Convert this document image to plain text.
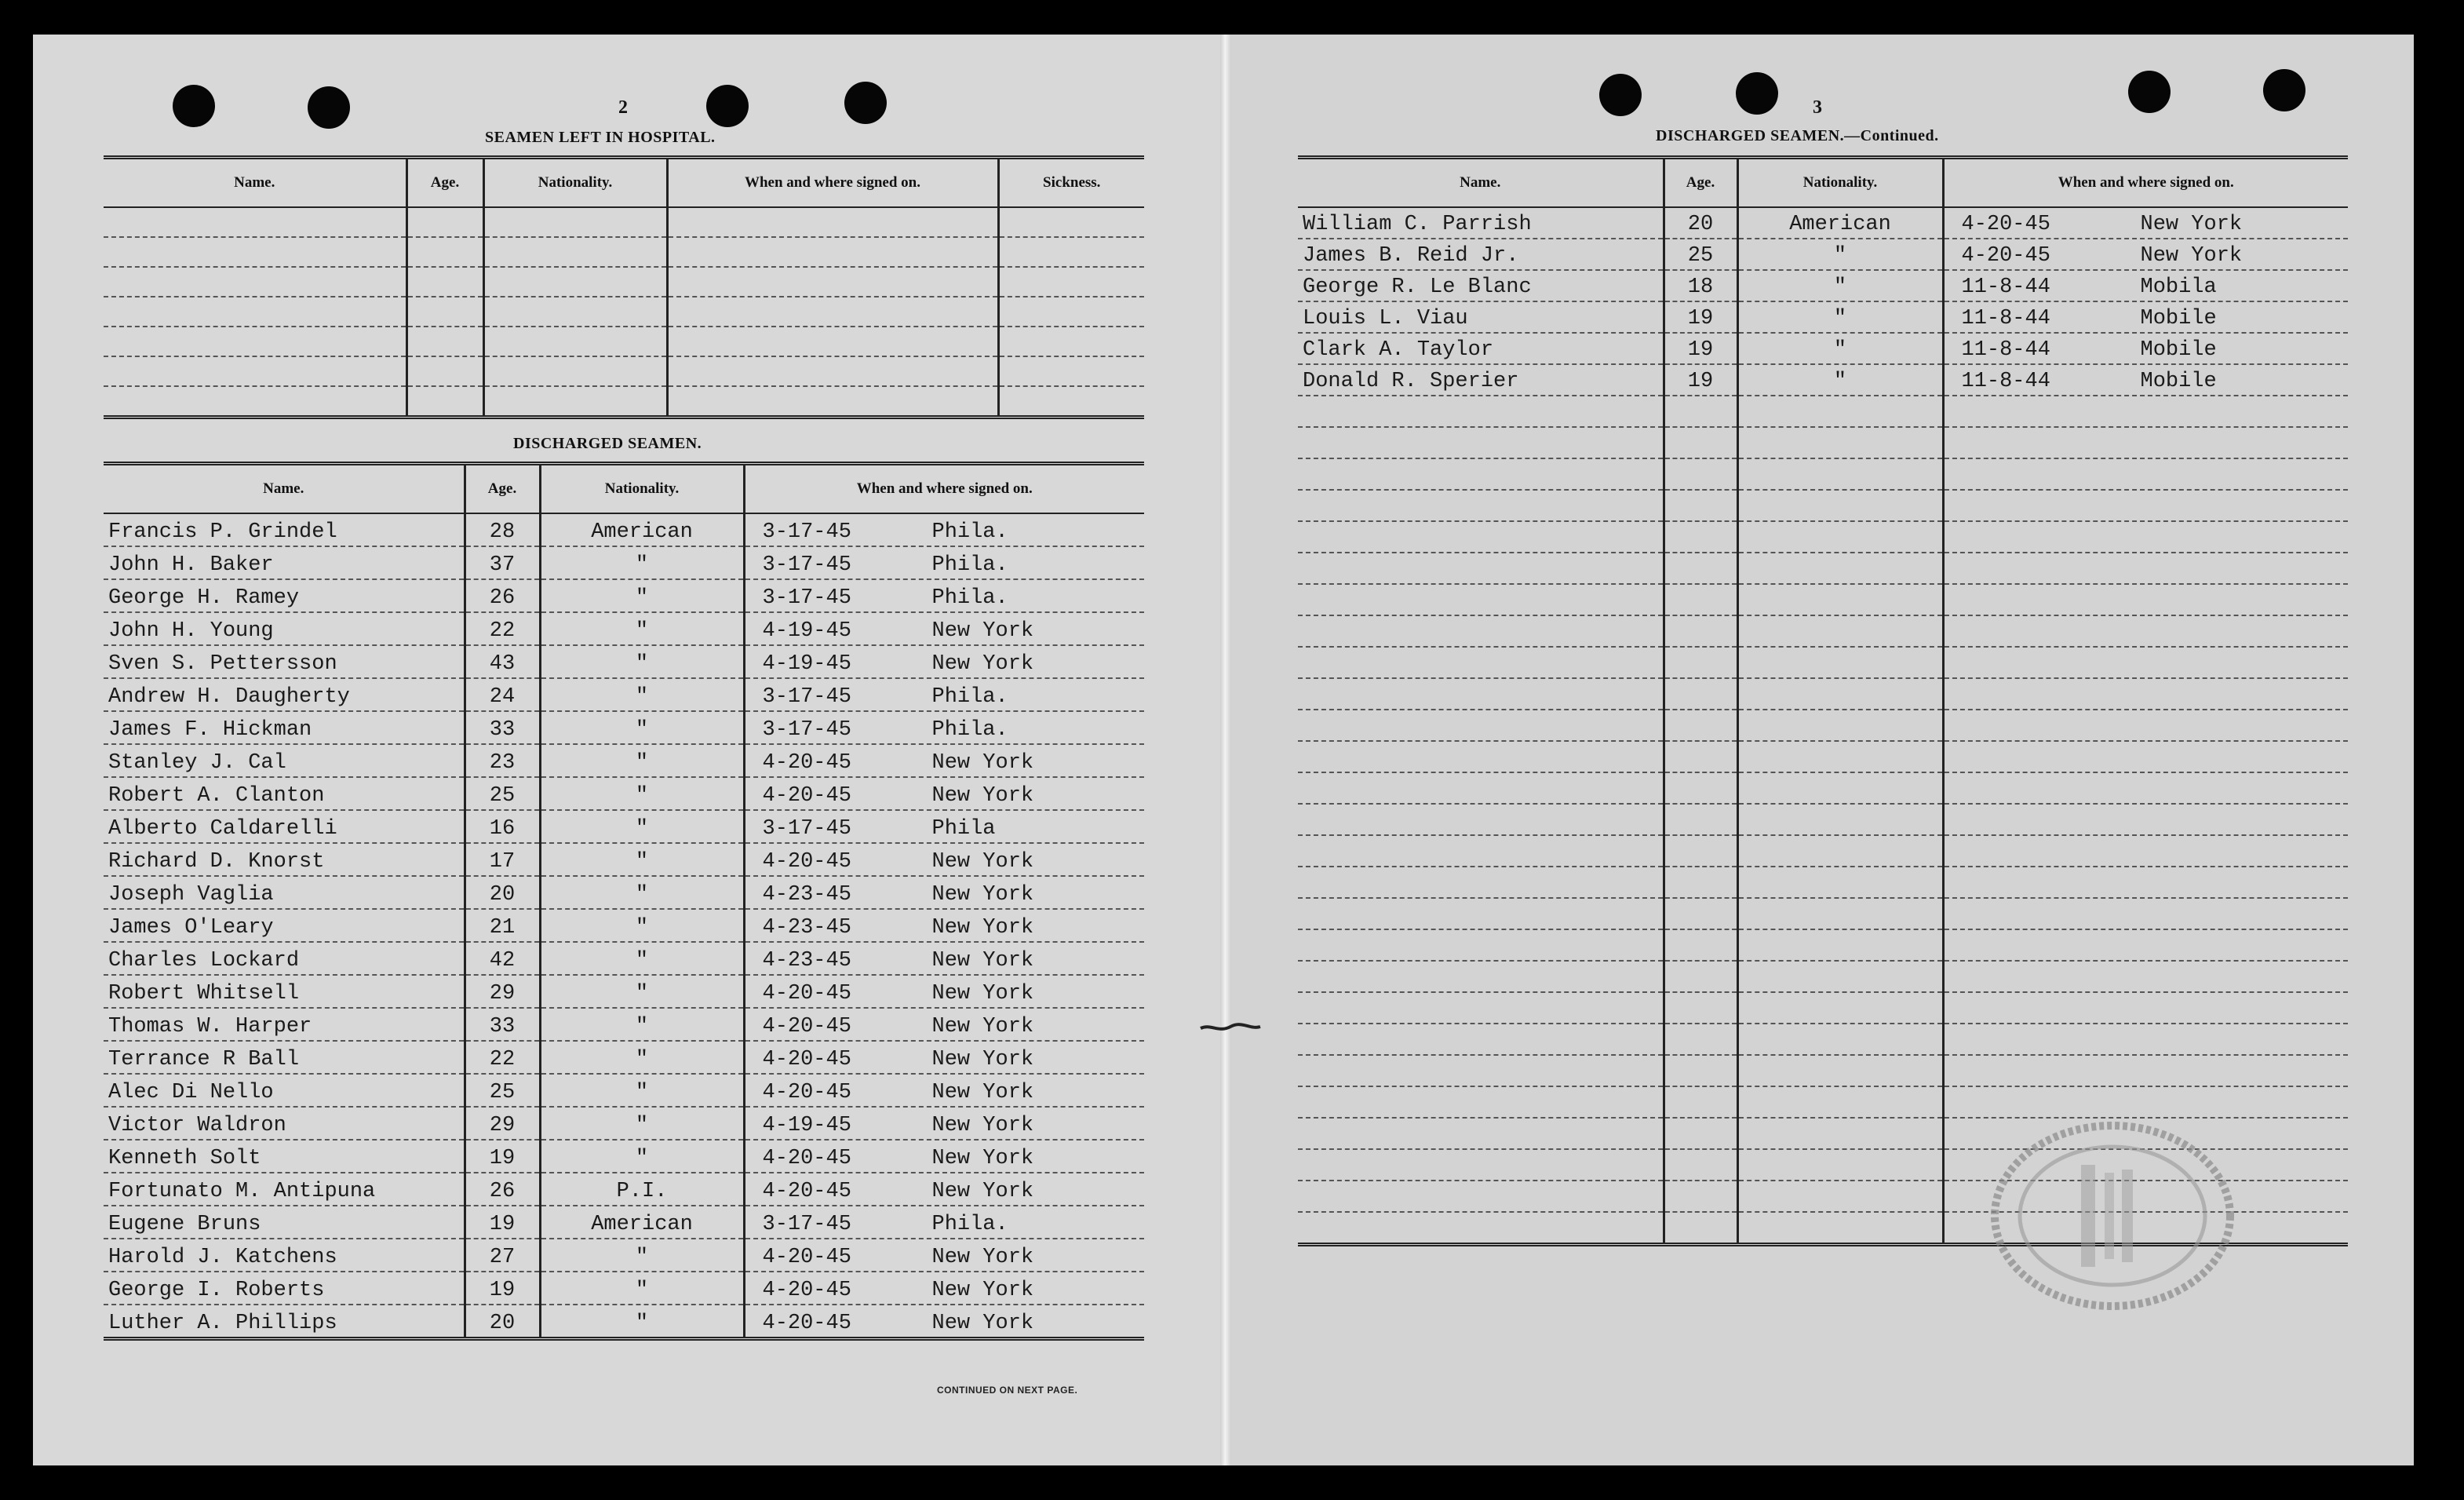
2
SEAMEN LEFT IN HOSPITAL.
Name.	Age.	Nationality.	When and where signed on.	Sickness.

DISCHARGED SEAMEN.
Name.	Age.	Nationality.	When and where signed on.
Francis P. Grindel	28	American	3-17-45 Phila.

John H. Baker	37	"	3-17-45 Phila.

George H. Ramey	26	"	3-17-45 Phila.

John H. Young	22	"	4-19-45 New York

Sven S. Pettersson	43	"	4-19-45 New York

Andrew H. Daugherty	24	"	3-17-45 Phila.

James F. Hickman	33	"	3-17-45 Phila.

Stanley J. Cal	23	"	4-20-45 New York

Robert A. Clanton	25	"	4-20-45 New York

Alberto Caldarelli	16	"	3-17-45 Phila

Richard D. Knorst	17	"	4-20-45 New York

Joseph Vaglia	20	"	4-23-45 New York

James O'Leary	21	"	4-23-45 New York

Charles Lockard	42	"	4-23-45 New York

Robert Whitsell	29	"	4-20-45 New York

Thomas W. Harper	33	"	4-20-45 New York

Terrance R Ball	22	"	4-20-45 New York

Alec Di Nello	25	"	4-20-45 New York

Victor Waldron	29	"	4-19-45 New York

Kenneth Solt	19	"	4-20-45 New York

Fortunato M. Antipuna	26	P.I.	4-20-45 New York

Eugene Bruns	19	American	3-17-45 Phila.

Harold J. Katchens	27	"	4-20-45 New York

George I. Roberts	19	"	4-20-45 New York

Luther A. Phillips	20	"	4-20-45 New York
CONTINUED ON NEXT PAGE.
3
DISCHARGED SEAMEN.—Continued.
Name.	Age.	Nationality.	When and where signed on.
William C. Parrish	20	American	4-20-45 New York

James B. Reid Jr.	25	"	4-20-45 New York

George R. Le Blanc	18	"	11-8-44 Mobila

Louis L. Viau	19	"	11-8-44 Mobile

Clark A. Taylor	19	"	11-8-44 Mobile

Donald R. Sperier	19	"	11-8-44 Mobile
